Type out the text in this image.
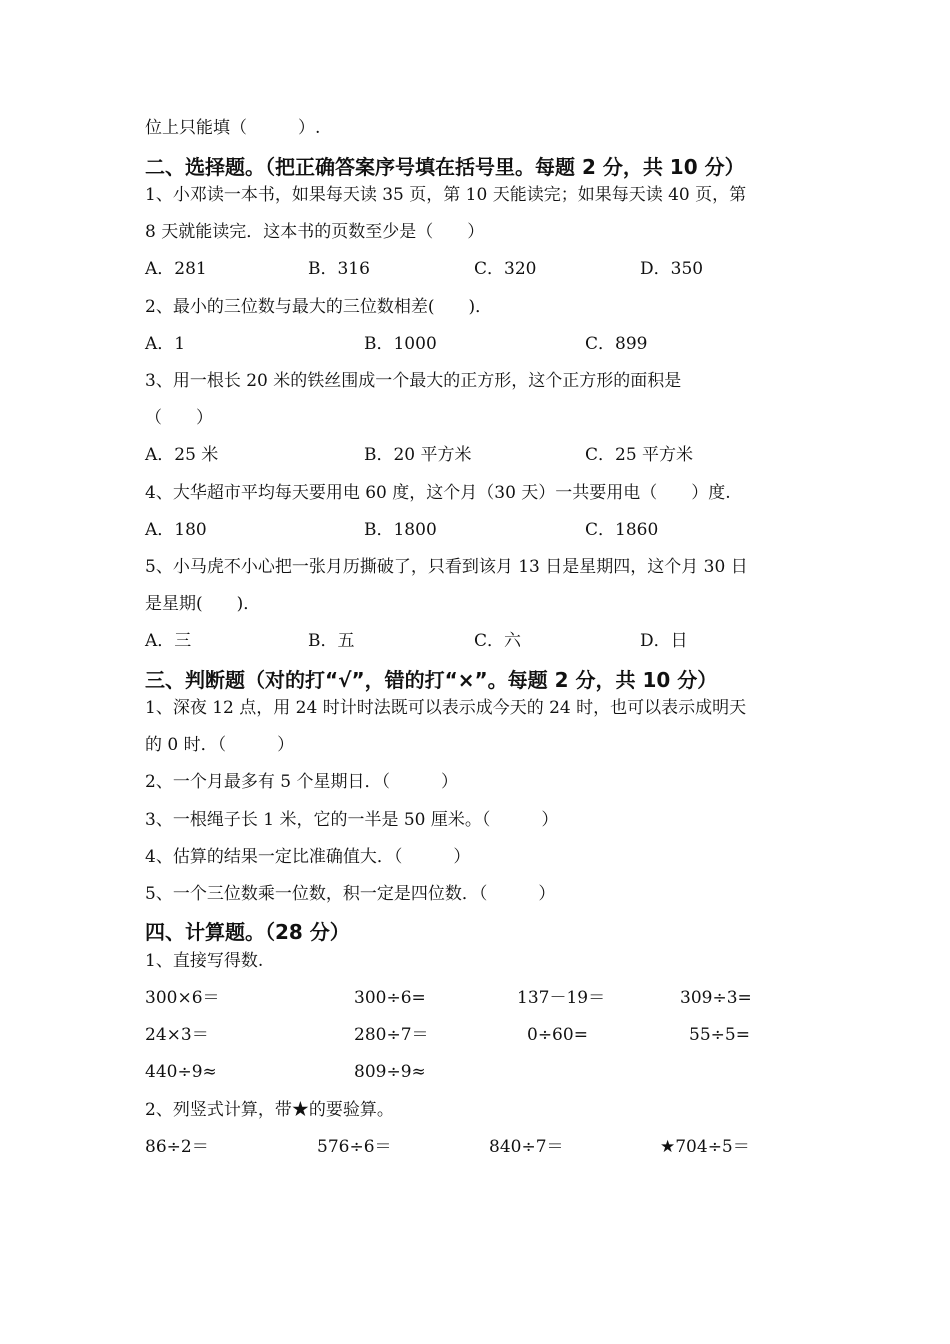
位上只能填（　　　）.
二、选择题。（把正确答案序号填在括号里。每题 2 分，共 10 分）
1、小邓读一本书，如果每天读 35 页，第 10 天能读完；如果每天读 40 页，第
8 天就能读完．这本书的页数至少是（　　）
A．281	B．316	C．320	D．350
2、最小的三位数与最大的三位数相差(　　)．
A．1	B．1000	C．899
3、用一根长 20 米的铁丝围成一个最大的正方形，这个正方形的面积是
（　　）
A．25 米	B．20 平方米	C．25 平方米
4、大华超市平均每天要用电 60 度，这个月（30 天）一共要用电（　　）度.
A．180	B．1800	C．1860
5、小马虎不小心把一张月历撕破了，只看到该月 13 日是星期四，这个月 30 日
是星期(　　)．
A．三	B．五	C．六	D．日
三、判断题（对的打“√”，错的打“×”。每题 2 分，共 10 分）
1、深夜 12 点，用 24 时计时法既可以表示成今天的 24 时，也可以表示成明天
的 0 时．（　　　）
2、一个月最多有 5 个星期日．（　　　）
3、一根绳子长 1 米，它的一半是 50 厘米。（　　　）
4、估算的结果一定比准确值大．（　　　）
5、一个三位数乘一位数，积一定是四位数．（　　　）
四、计算题。（28 分）
1、直接写得数.
300×6＝	300÷6=	137－19＝	309÷3=
24×3＝	280÷7＝	0÷60=	55÷5=
440÷9≈	809÷9≈
2、列竖式计算，带★的要验算。
86÷2＝	576÷6＝	840÷7＝	★704÷5＝
